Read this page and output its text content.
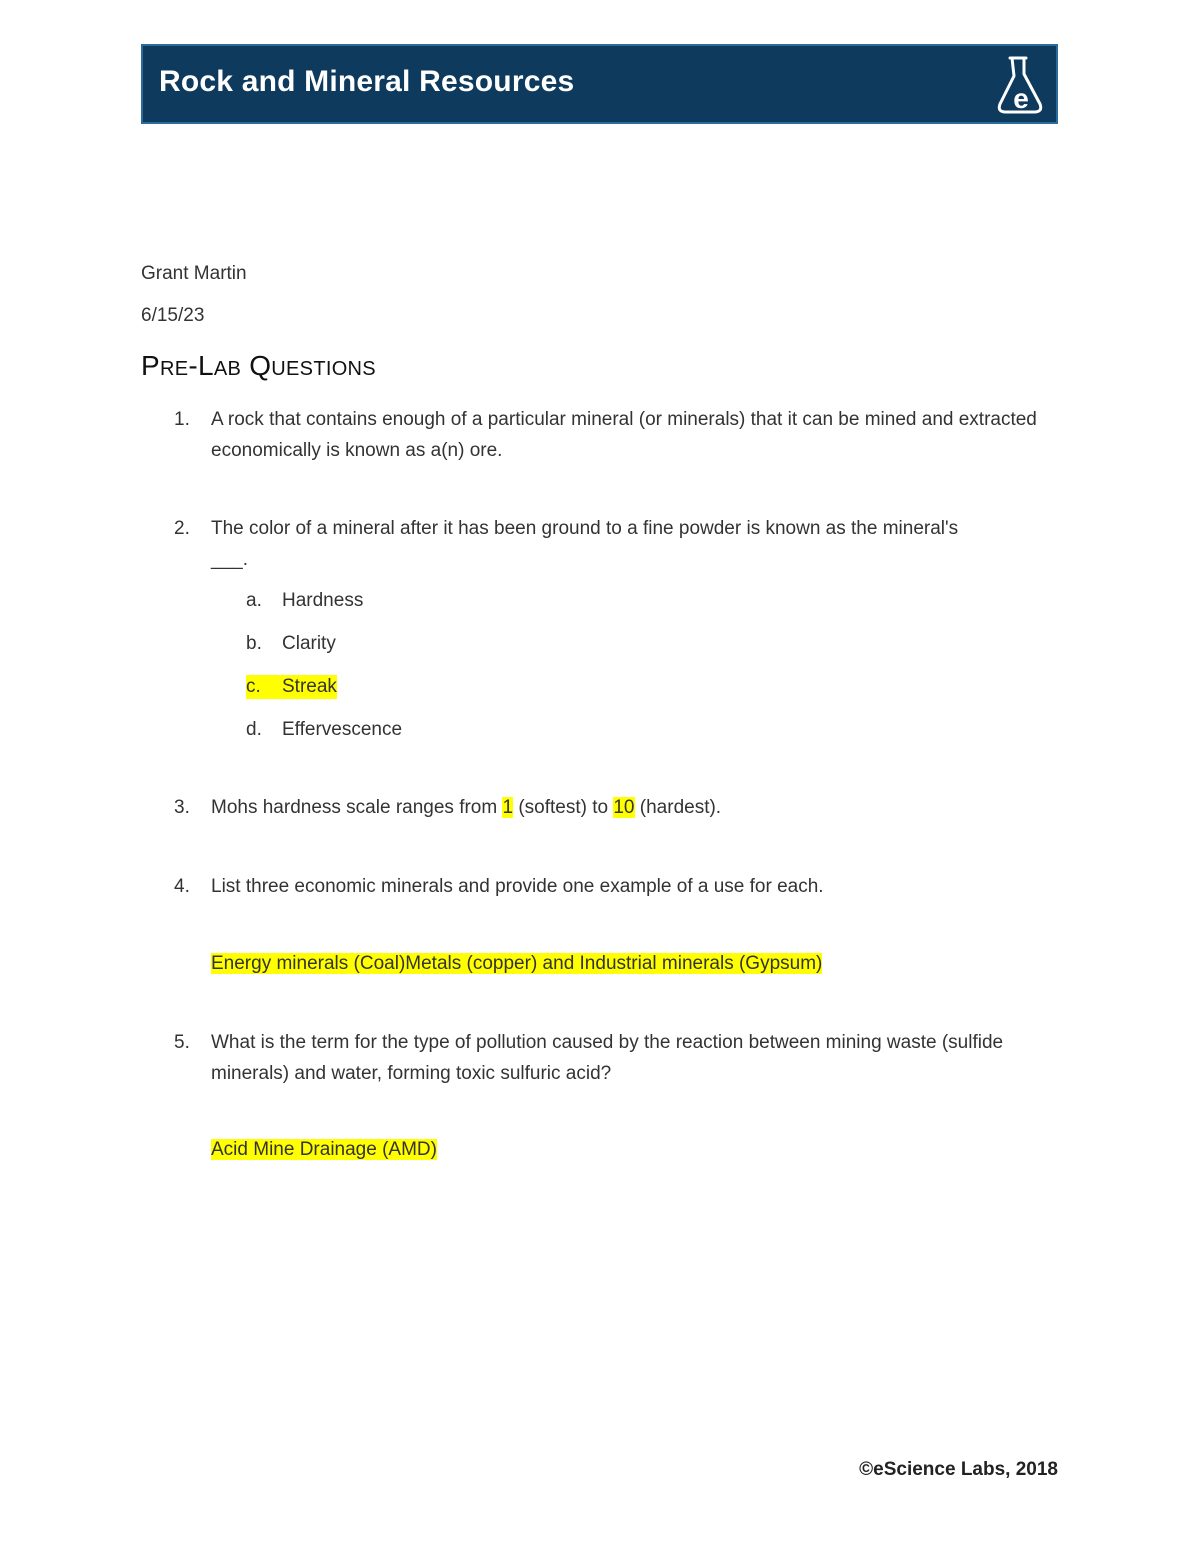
Rock and Mineral Resources
e
Grant Martin
6/15/23
Pre-Lab Questions
1.	A rock that contains enough of a particular mineral (or minerals) that it can be mined and extracted economically is known as a(n) ore.
2.	The color of a mineral after it has been ground to a fine powder is known as the mineral's ___.
a. Hardness
b. Clarity
c. Streak
d. Effervescence
3.	Mohs hardness scale ranges from 1 (softest) to 10 (hardest).
4.	List three economic minerals and provide one example of a use for each.
Energy minerals (Coal)Metals (copper) and Industrial minerals (Gypsum)
5.	What is the term for the type of pollution caused by the reaction between mining waste (sulfide minerals) and water, forming toxic sulfuric acid?
Acid Mine Drainage (AMD)
©eScience Labs, 2018
